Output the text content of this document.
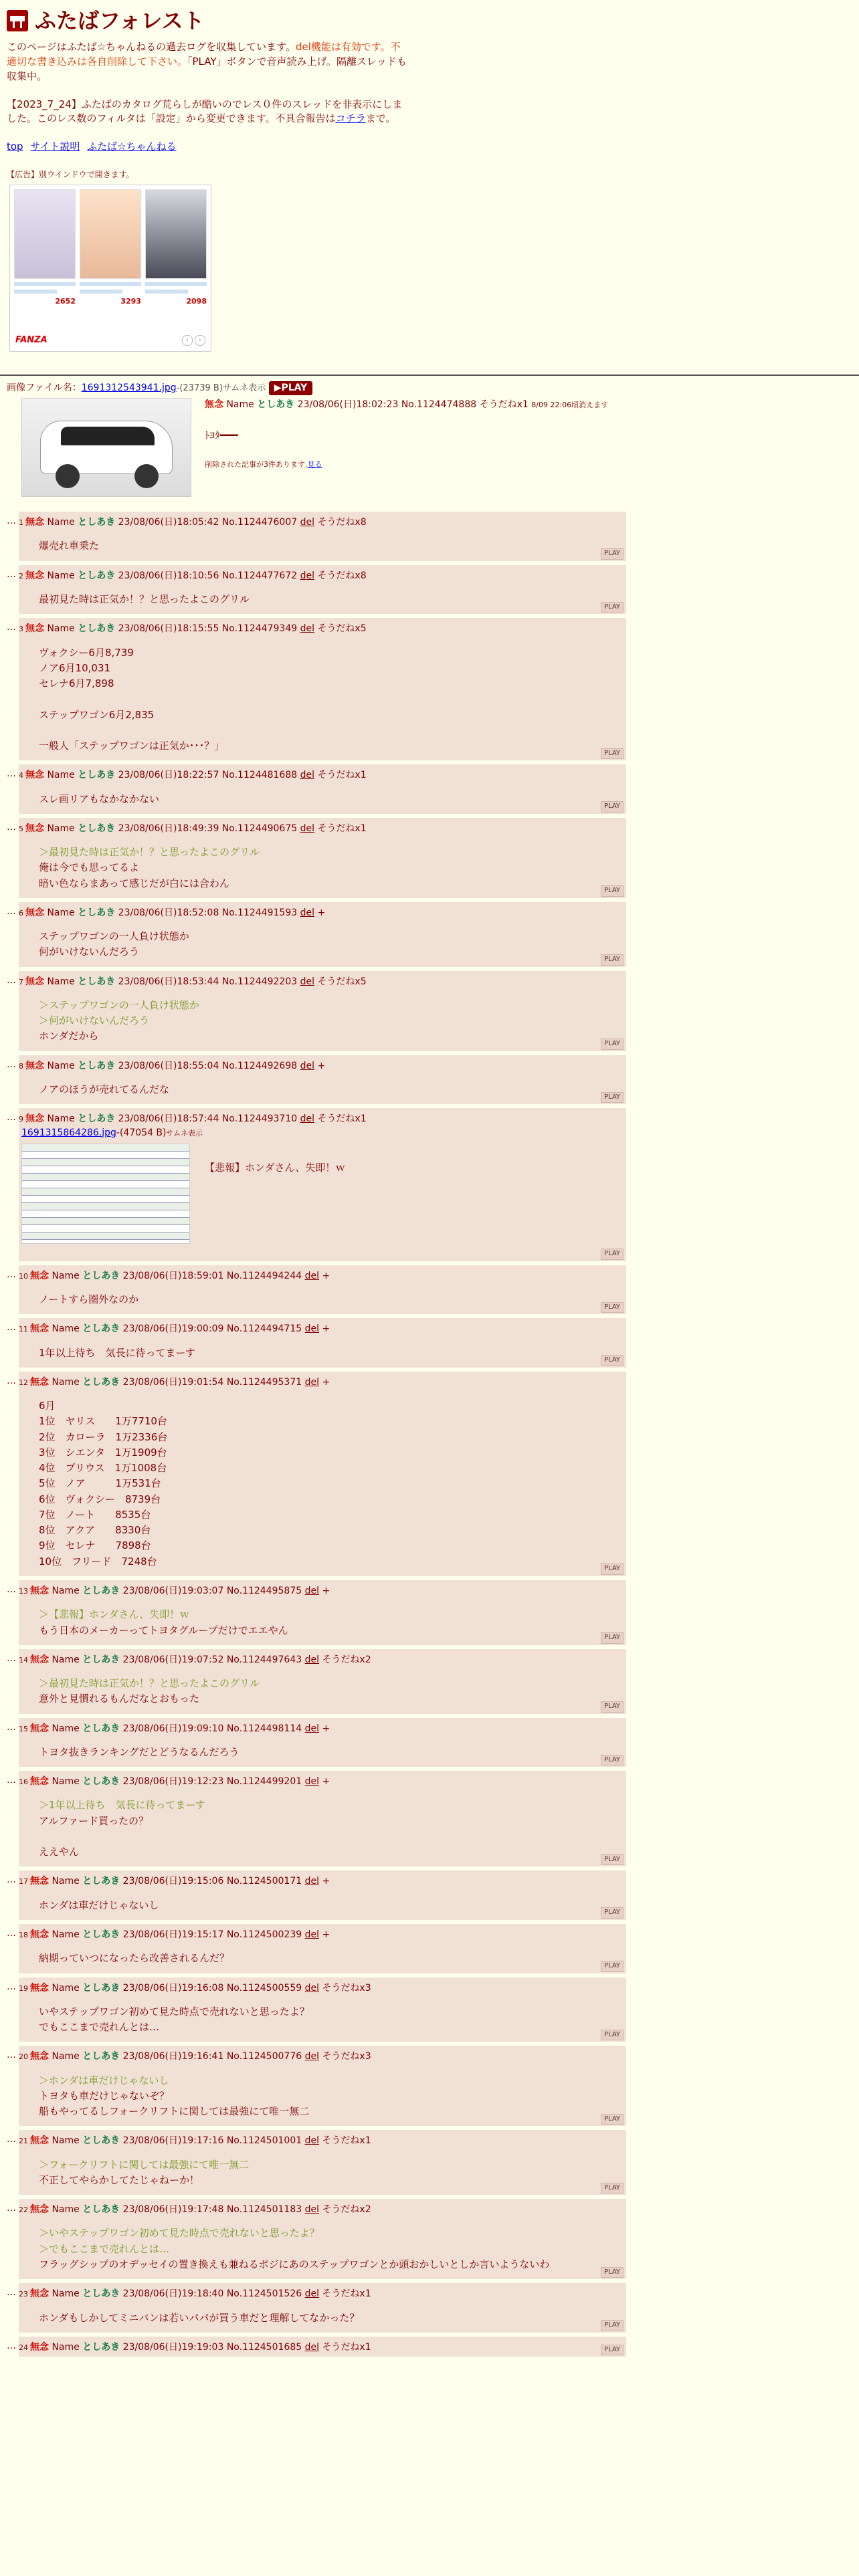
ふたばフォレスト

このページはふたば☆ちゃんねるの過去ログを収集しています。del機能は有効です。不適切な書き込みは各自削除して下さい。「PLAY」ボタンで音声読み上げ。隔離スレッドも収集中。

【2023_7_24】ふたばのカタログ荒らしが酷いのでレス０件のスレッドを非表示にしました。このレス数のフィルタは「設定」から変更できます。不具合報告はコチラまで。

top サイト説明 ふたば☆ちゃんねる
【広告】別ウインドウで開きます。
2652	3293	2098
FANZA	‹	›
画像ファイル名：1691312543941.jpg-(23739 B)サムネ表示 ▶PLAY
無念 Name としあき 23/08/06(日)18:02:23 No.1124474888 そうだねx1 8/09 22:06頃消えます
ﾄﾖﾀ━━━
削除された記事が3件あります.見る
… 1 無念 Name としあき 23/08/06(日)18:05:42 No.1124476007 del そうだねx8
爆売れ車乗た
PLAY
… 2 無念 Name としあき 23/08/06(日)18:10:56 No.1124477672 del そうだねx8
最初見た時は正気か！？と思ったよこのグリル
PLAY
… 3 無念 Name としあき 23/08/06(日)18:15:55 No.1124479349 del そうだねx5
ヴォクシー6月8,739
ノア6月10,031
セレナ6月7,898
ステップワゴン6月2,835
一般人「ステップワゴンは正気か･･･？」
PLAY
… 4 無念 Name としあき 23/08/06(日)18:22:57 No.1124481688 del そうだねx1
スレ画リアもなかなかない
PLAY
… 5 無念 Name としあき 23/08/06(日)18:49:39 No.1124490675 del そうだねx1
＞最初見た時は正気か！？と思ったよこのグリル
俺は今でも思ってるよ
暗い色ならまあって感じだが白には合わん
PLAY
… 6 無念 Name としあき 23/08/06(日)18:52:08 No.1124491593 del +
ステップワゴンの一人負け状態か
何がいけないんだろう
PLAY
… 7 無念 Name としあき 23/08/06(日)18:53:44 No.1124492203 del そうだねx5
＞ステップワゴンの一人負け状態か
＞何がいけないんだろう
ホンダだから
PLAY
… 8 無念 Name としあき 23/08/06(日)18:55:04 No.1124492698 del +
ノアのほうが売れてるんだな
PLAY
… 9 無念 Name としあき 23/08/06(日)18:57:44 No.1124493710 del そうだねx1
1691315864286.jpg-(47054 B)サムネ表示
【悲報】ホンダさん、失即！ｗ
PLAY
… 10 無念 Name としあき 23/08/06(日)18:59:01 No.1124494244 del +
ノートすら圏外なのか
PLAY
… 11 無念 Name としあき 23/08/06(日)19:00:09 No.1124494715 del +
1年以上待ち　気長に待ってまーす
PLAY
… 12 無念 Name としあき 23/08/06(日)19:01:54 No.1124495371 del +
6月
1位　ヤリス　　1万7710台
2位　カローラ　1万2336台
3位　シエンタ　1万1909台
4位　プリウス　1万1008台
5位　ノア　　　1万531台
6位　ヴォクシー　8739台
7位　ノート　　8535台
8位　アクア　　8330台
9位　セレナ　　7898台
10位　フリード　7248台
PLAY
… 13 無念 Name としあき 23/08/06(日)19:03:07 No.1124495875 del +
＞【悲報】ホンダさん、失即！ｗ
もう日本のメーカーってトヨタグループだけでエエやん
PLAY
… 14 無念 Name としあき 23/08/06(日)19:07:52 No.1124497643 del そうだねx2
＞最初見た時は正気か！？と思ったよこのグリル
意外と見慣れるもんだなとおもった
PLAY
… 15 無念 Name としあき 23/08/06(日)19:09:10 No.1124498114 del +
トヨタ抜きランキングだとどうなるんだろう
PLAY
… 16 無念 Name としあき 23/08/06(日)19:12:23 No.1124499201 del +
＞1年以上待ち　気長に待ってまーす
アルファード買ったの？
ええやん
PLAY
… 17 無念 Name としあき 23/08/06(日)19:15:06 No.1124500171 del +
ホンダは車だけじゃないし
PLAY
… 18 無念 Name としあき 23/08/06(日)19:15:17 No.1124500239 del +
納期っていつになったら改善されるんだ？
PLAY
… 19 無念 Name としあき 23/08/06(日)19:16:08 No.1124500559 del そうだねx3
いやステップワゴン初めて見た時点で売れないと思ったよ？
でもここまで売れんとは…
PLAY
… 20 無念 Name としあき 23/08/06(日)19:16:41 No.1124500776 del そうだねx3
＞ホンダは車だけじゃないし
トヨタも車だけじゃないぞ？
船もやってるしフォークリフトに関しては最強にて唯一無二
PLAY
… 21 無念 Name としあき 23/08/06(日)19:17:16 No.1124501001 del そうだねx1
＞フォークリフトに関しては最強にて唯一無二
不正してやらかしてたじゃねーか！
PLAY
… 22 無念 Name としあき 23/08/06(日)19:17:48 No.1124501183 del そうだねx2
＞いやステップワゴン初めて見た時点で売れないと思ったよ？
＞でもここまで売れんとは…
フラッグシップのオデッセイの置き換えも兼ねるポジにあのステップワゴンとか頭おかしいとしか言いようないわ
PLAY
… 23 無念 Name としあき 23/08/06(日)19:18:40 No.1124501526 del そうだねx1
ホンダもしかしてミニバンは若いパパが買う車だと理解してなかった？
PLAY
… 24 無念 Name としあき 23/08/06(日)19:19:03 No.1124501685 del そうだねx1	PLAY
